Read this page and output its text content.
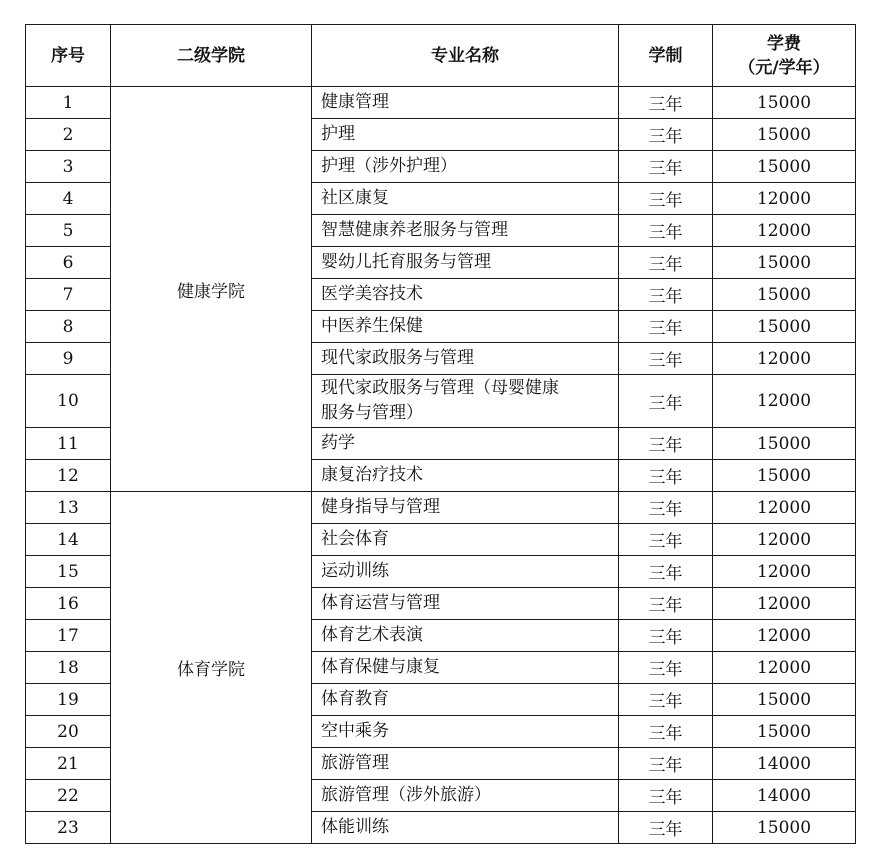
序号	二级学院	专业名称	学制	学费
（元/学年）

1	健康学院	健康管理	三年	15000
2		护理	三年	15000
3		护理（涉外护理）	三年	15000
4		社区康复	三年	12000
5		智慧健康养老服务与管理	三年	12000
6		婴幼儿托育服务与管理	三年	15000
7		医学美容技术	三年	15000
8		中医养生保健	三年	15000
9		现代家政服务与管理	三年	12000
10		现代家政服务与管理（母婴健康
服务与管理）	三年	12000
11		药学	三年	15000
12		康复治疗技术	三年	15000
13	体育学院	健身指导与管理	三年	12000
14		社会体育	三年	12000
15		运动训练	三年	12000
16		体育运营与管理	三年	12000
17		体育艺术表演	三年	12000
18		体育保健与康复	三年	12000
19		体育教育	三年	15000
20		空中乘务	三年	15000
21		旅游管理	三年	14000
22		旅游管理（涉外旅游）	三年	14000
23		体能训练	三年	15000
